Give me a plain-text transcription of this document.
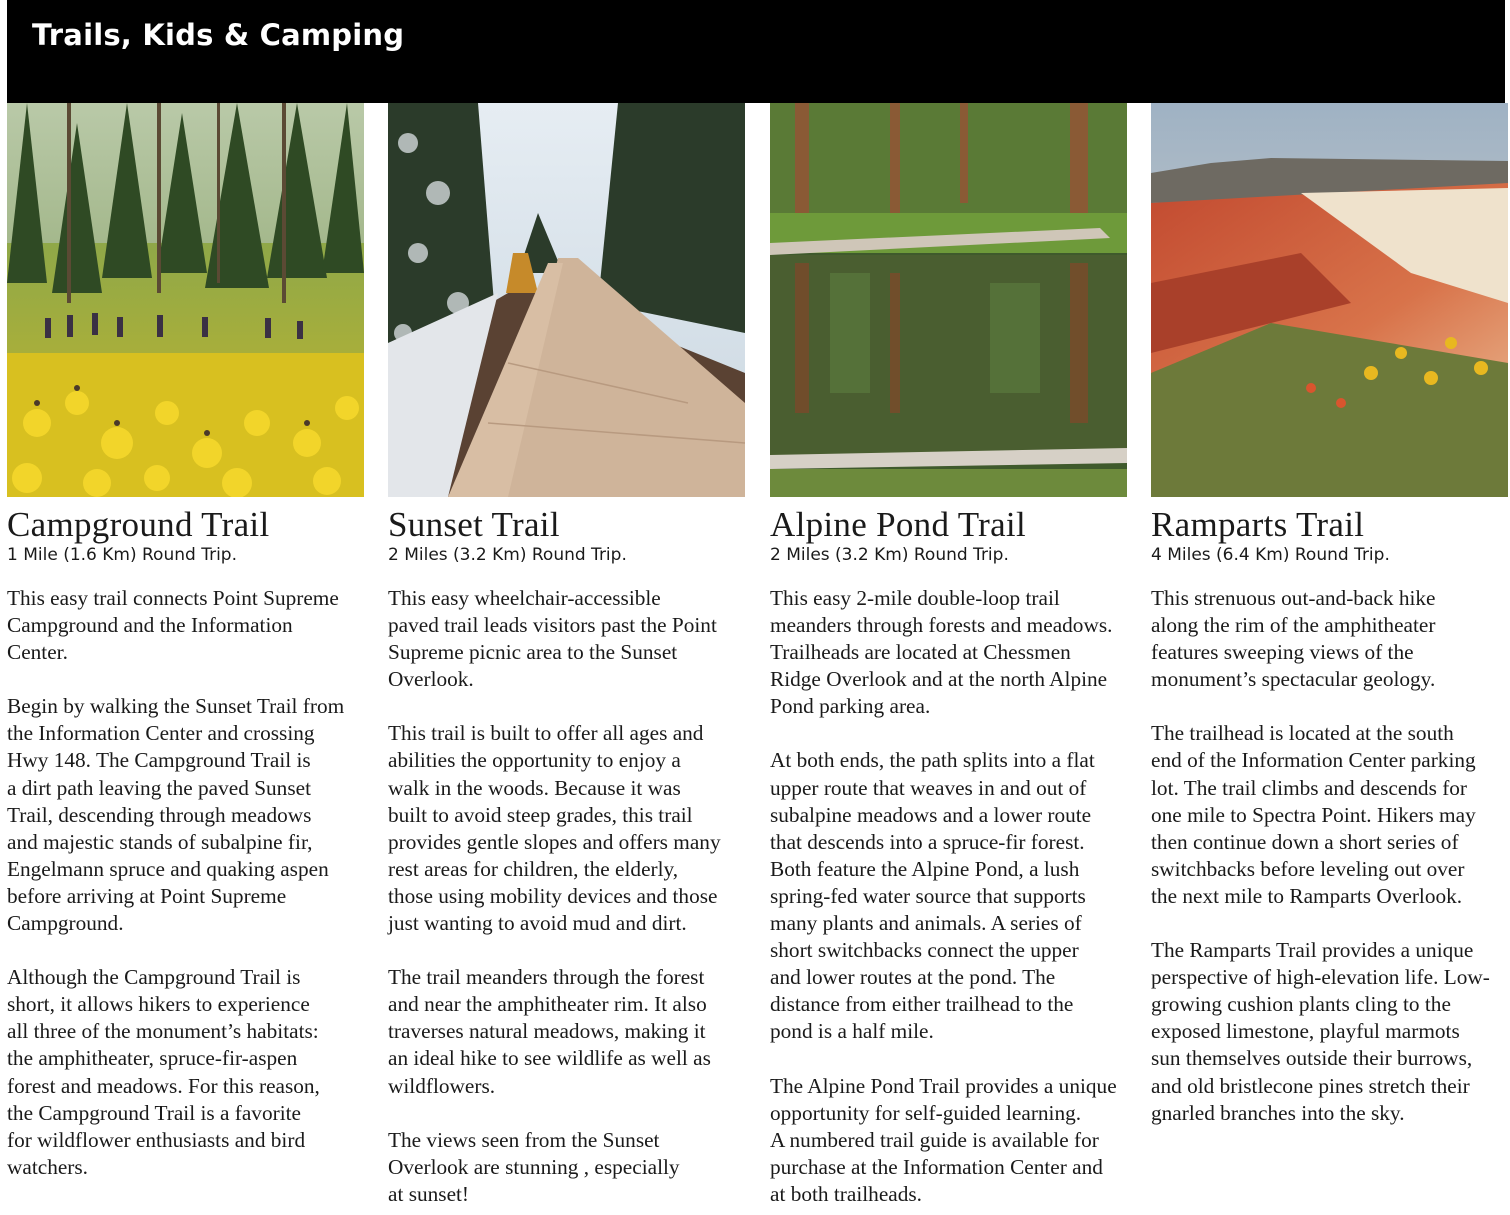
Trails, Kids & Camping
Campground Trail
1 Mile (1.6 Km) Round Trip.
This easy trail connects Point Supreme
Campground and the Information
Center.
Begin by walking the Sunset Trail from
the Information Center and crossing
Hwy 148. The Campground Trail is
a dirt path leaving the paved Sunset
Trail, descending through meadows
and majestic stands of subalpine fir,
Engelmann spruce and quaking aspen
before arriving at Point Supreme
Campground.
Although the Campground Trail is
short, it allows hikers to experience
all three of the monument’s habitats:
the amphitheater, spruce-fir-aspen
forest and meadows. For this reason,
the Campground Trail is a favorite
for wildflower enthusiasts and bird
watchers.
Sunset Trail
2 Miles (3.2 Km) Round Trip.
This easy wheelchair-accessible
paved trail leads visitors past the Point
Supreme picnic area to the Sunset
Overlook.
This trail is built to offer all ages and
abilities the opportunity to enjoy a
walk in the woods. Because it was
built to avoid steep grades, this trail
provides gentle slopes and offers many
rest areas for children, the elderly,
those using mobility devices and those
just wanting to avoid mud and dirt.
The trail meanders through the forest
and near the amphitheater rim. It also
traverses natural meadows, making it
an ideal hike to see wildlife as well as
wildflowers.
The views seen from the Sunset
Overlook are stunning , especially
at sunset!
Alpine Pond Trail
2 Miles (3.2 Km) Round Trip.
This easy 2-mile double-loop trail
meanders through forests and meadows.
Trailheads are located at Chessmen
Ridge Overlook and at the north Alpine
Pond parking area.
At both ends, the path splits into a flat
upper route that weaves in and out of
subalpine meadows and a lower route
that descends into a spruce-fir forest.
Both feature the Alpine Pond, a lush
spring-fed water source that supports
many plants and animals. A series of
short switchbacks connect the upper
and lower routes at the pond. The
distance from either trailhead to the
pond is a half mile.
The Alpine Pond Trail provides a unique
opportunity for self-guided learning.
A numbered trail guide is available for
purchase at the Information Center and
at both trailheads.
Ramparts Trail
4 Miles (6.4 Km) Round Trip.
This strenuous out-and-back hike
along the rim of the amphitheater
features sweeping views of the
monument’s spectacular geology.
The trailhead is located at the south
end of the Information Center parking
lot. The trail climbs and descends for
one mile to Spectra Point. Hikers may
then continue down a short series of
switchbacks before leveling out over
the next mile to Ramparts Overlook.
The Ramparts Trail provides a unique
perspective of high-elevation life. Low-
growing cushion plants cling to the
exposed limestone, playful marmots
sun themselves outside their burrows,
and old bristlecone pines stretch their
gnarled branches into the sky.
